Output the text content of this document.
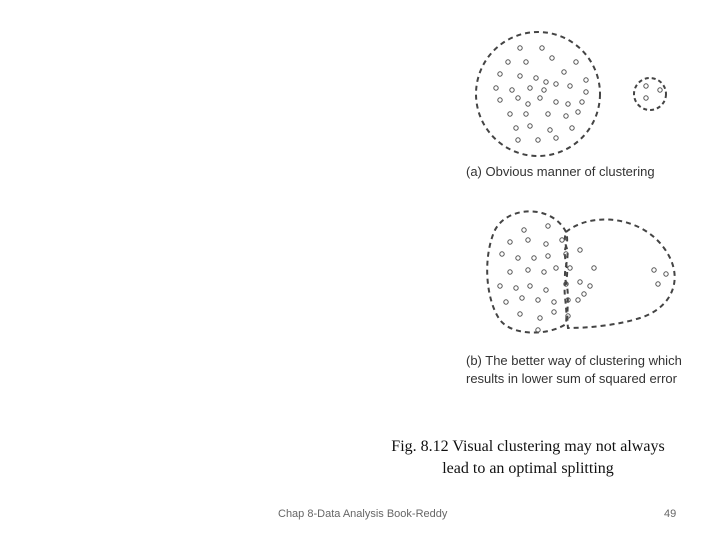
(a) Obvious manner of clustering
(b) The better way of clustering which
results in lower sum of squared error
Fig. 8.12 Visual clustering may not always
lead to an optimal splitting
Chap 8-Data Analysis Book-Reddy	49
